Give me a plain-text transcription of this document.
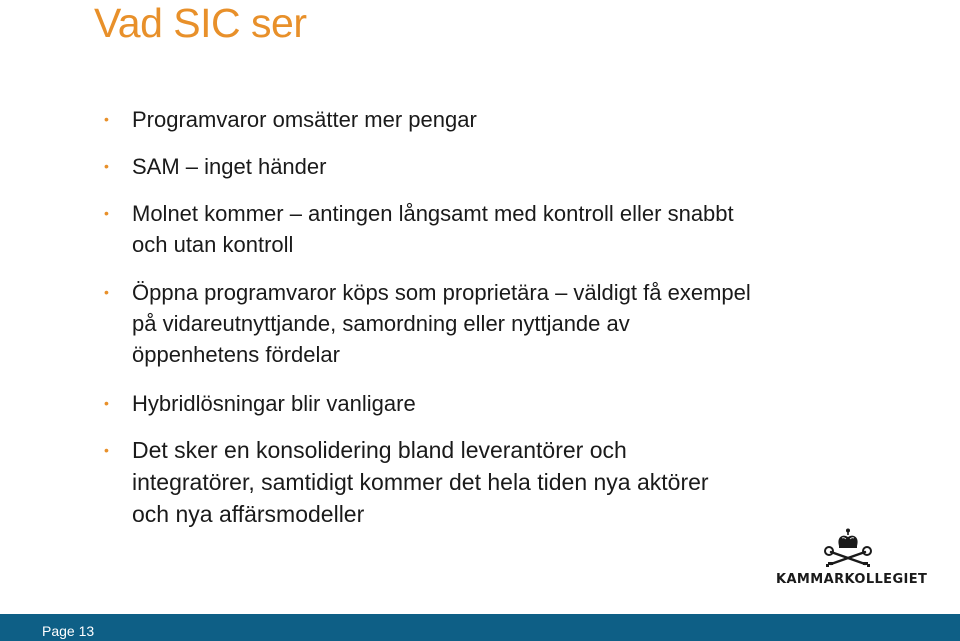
Vad SIC ser
• Programvaror omsätter mer pengar
• SAM – inget händer
• Molnet kommer – antingen långsamt med kontroll eller snabbt och utan kontroll
• Öppna programvaror köps som proprietära – väldigt få exempel på vidareutnyttjande, samordning eller nyttjande av öppenhetens fördelar
• Hybridlösningar blir vanligare
• Det sker en konsolidering bland leverantörer och integratörer, samtidigt kommer det hela tiden nya aktörer och nya affärsmodeller
KAMMARKOLLEGIET
Page 13
